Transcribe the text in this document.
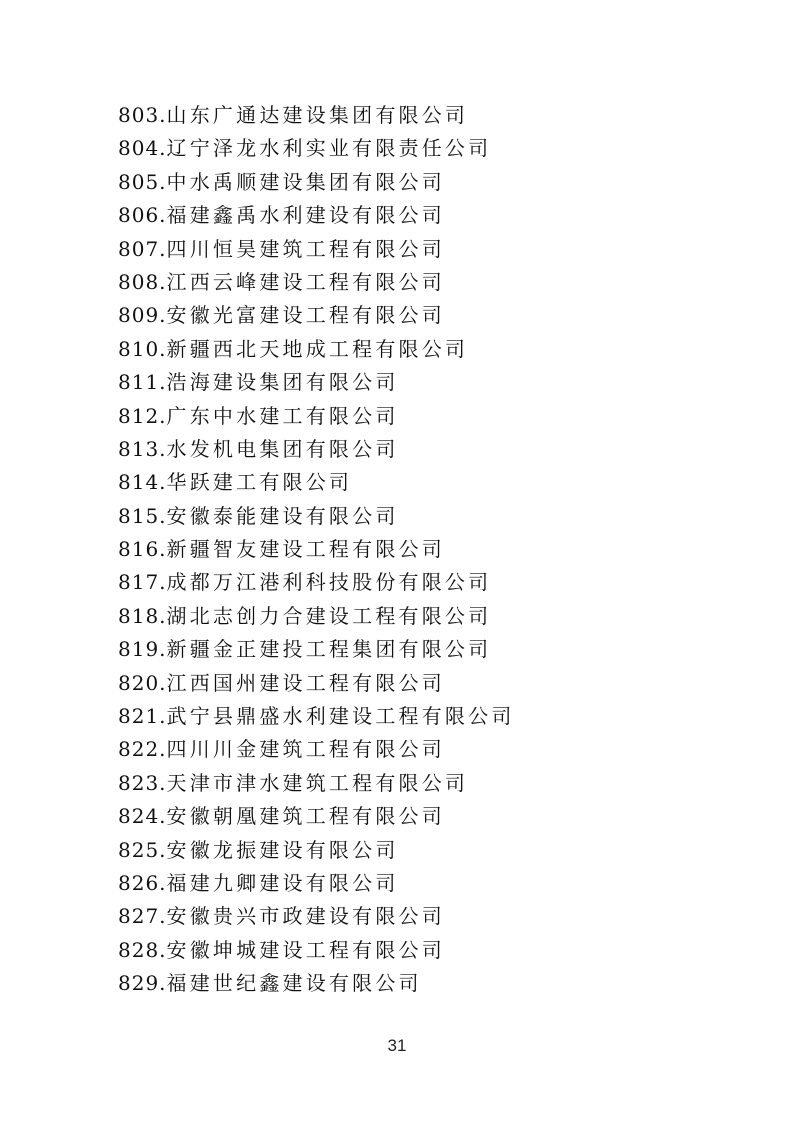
803.山东广通达建设集团有限公司
804.辽宁泽龙水利实业有限责任公司
805.中水禹顺建设集团有限公司
806.福建鑫禹水利建设有限公司
807.四川恒昊建筑工程有限公司
808.江西云峰建设工程有限公司
809.安徽光富建设工程有限公司
810.新疆西北天地成工程有限公司
811.浩海建设集团有限公司
812.广东中水建工有限公司
813.水发机电集团有限公司
814.华跃建工有限公司
815.安徽泰能建设有限公司
816.新疆智友建设工程有限公司
817.成都万江港利科技股份有限公司
818.湖北志创力合建设工程有限公司
819.新疆金正建投工程集团有限公司
820.江西国州建设工程有限公司
821.武宁县鼎盛水利建设工程有限公司
822.四川川金建筑工程有限公司
823.天津市津水建筑工程有限公司
824.安徽朝凰建筑工程有限公司
825.安徽龙振建设有限公司
826.福建九卿建设有限公司
827.安徽贵兴市政建设有限公司
828.安徽坤城建设工程有限公司
829.福建世纪鑫建设有限公司
31
